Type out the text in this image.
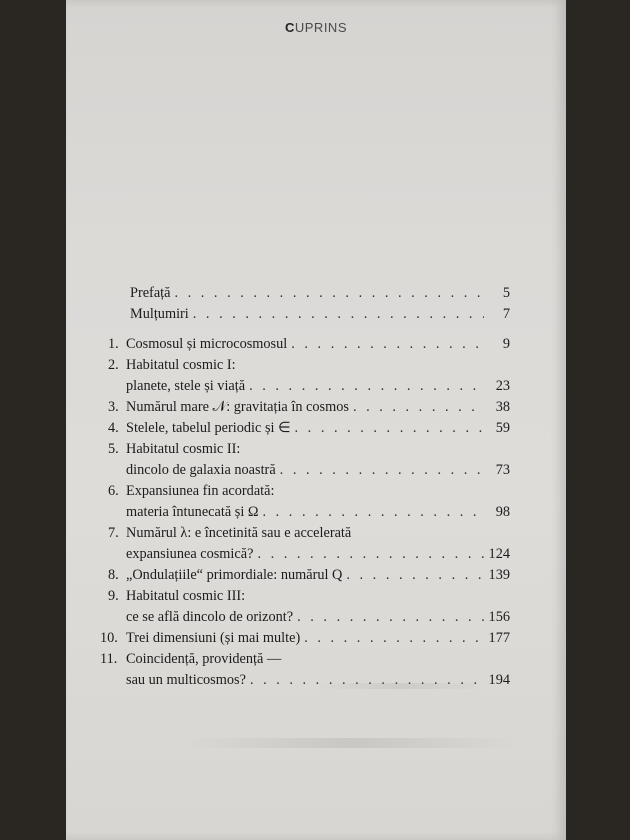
CUPRINS
Prefață . . .	5
Mulțumiri . . .	7
1. Cosmosul și microcosmosul . . .	9
2. Habitatul cosmic I:
planete, stele și viață . . .	23
3. Numărul mare 𝒩: gravitația în cosmos . . .	38
4. Stelele, tabelul periodic și ∈ . . .	59
5. Habitatul cosmic II:
dincolo de galaxia noastră . . .	73
6. Expansiunea fin acordată:
materia întunecată și Ω . . .	98
7. Numărul λ: e încetinită sau e accelerată
expansiunea cosmică? . . .	124
8. „Ondulațiile“ primordiale: numărul Q . . .	139
9. Habitatul cosmic III:
ce se află dincolo de orizont? . . .	156
10. Trei dimensiuni (și mai multe) . . .	177
11. Coincidență, providență —
sau un multicosmos? . . .	194
